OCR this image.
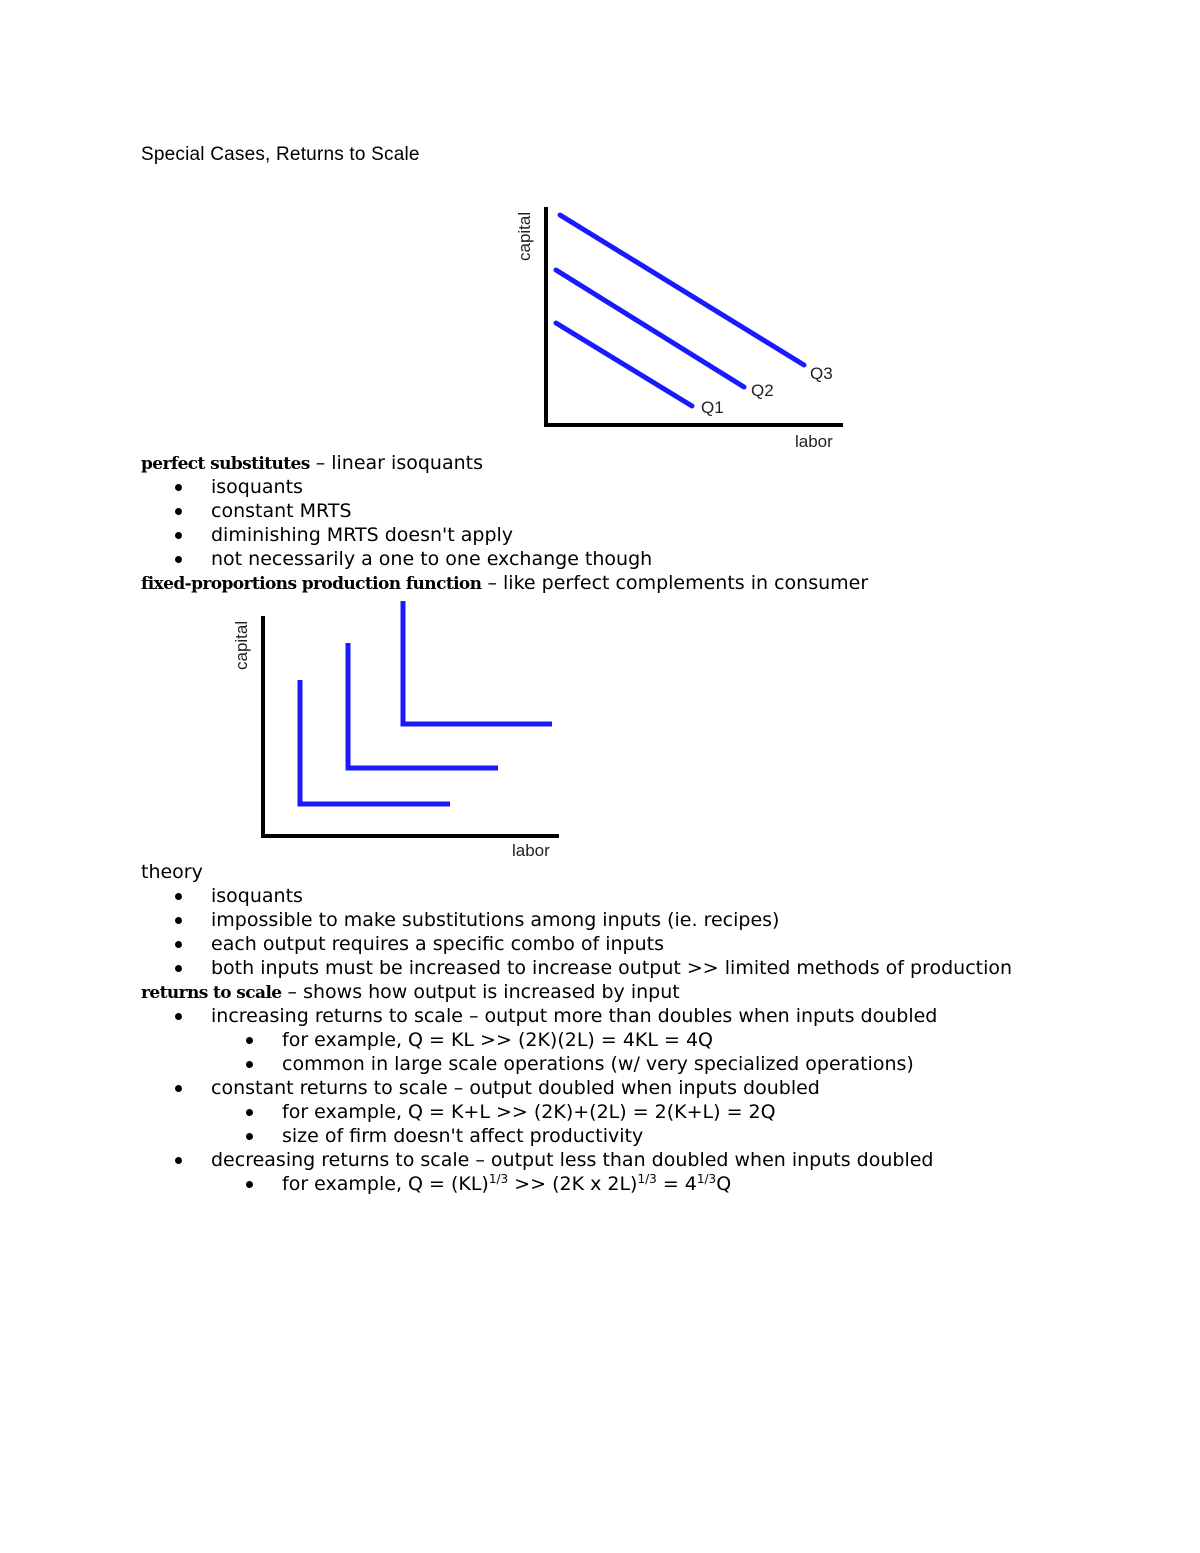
Special Cases, Returns to Scale
Q3
Q2
Q1
labor
capital
perfect substitutes – linear isoquants
isoquants
constant MRTS
diminishing MRTS doesn't apply
not necessarily a one to one exchange though
fixed-proportions production function – like perfect complements in consumer
labor
capital
theory
isoquants
impossible to make substitutions among inputs (ie. recipes)
each output requires a specific combo of inputs
both inputs must be increased to increase output >> limited methods of production
returns to scale – shows how output is increased by input
increasing returns to scale – output more than doubles when inputs doubled
for example, Q = KL >> (2K)(2L) = 4KL = 4Q
common in large scale operations (w/ very specialized operations)
constant returns to scale – output doubled when inputs doubled
for example, Q = K+L >> (2K)+(2L) = 2(K+L) = 2Q
size of firm doesn't affect productivity
decreasing returns to scale – output less than doubled when inputs doubled
for example, Q = (KL)$^{1/3}$ >> (2K x $2L)^{1/3} = 4^{1/3}Q$
